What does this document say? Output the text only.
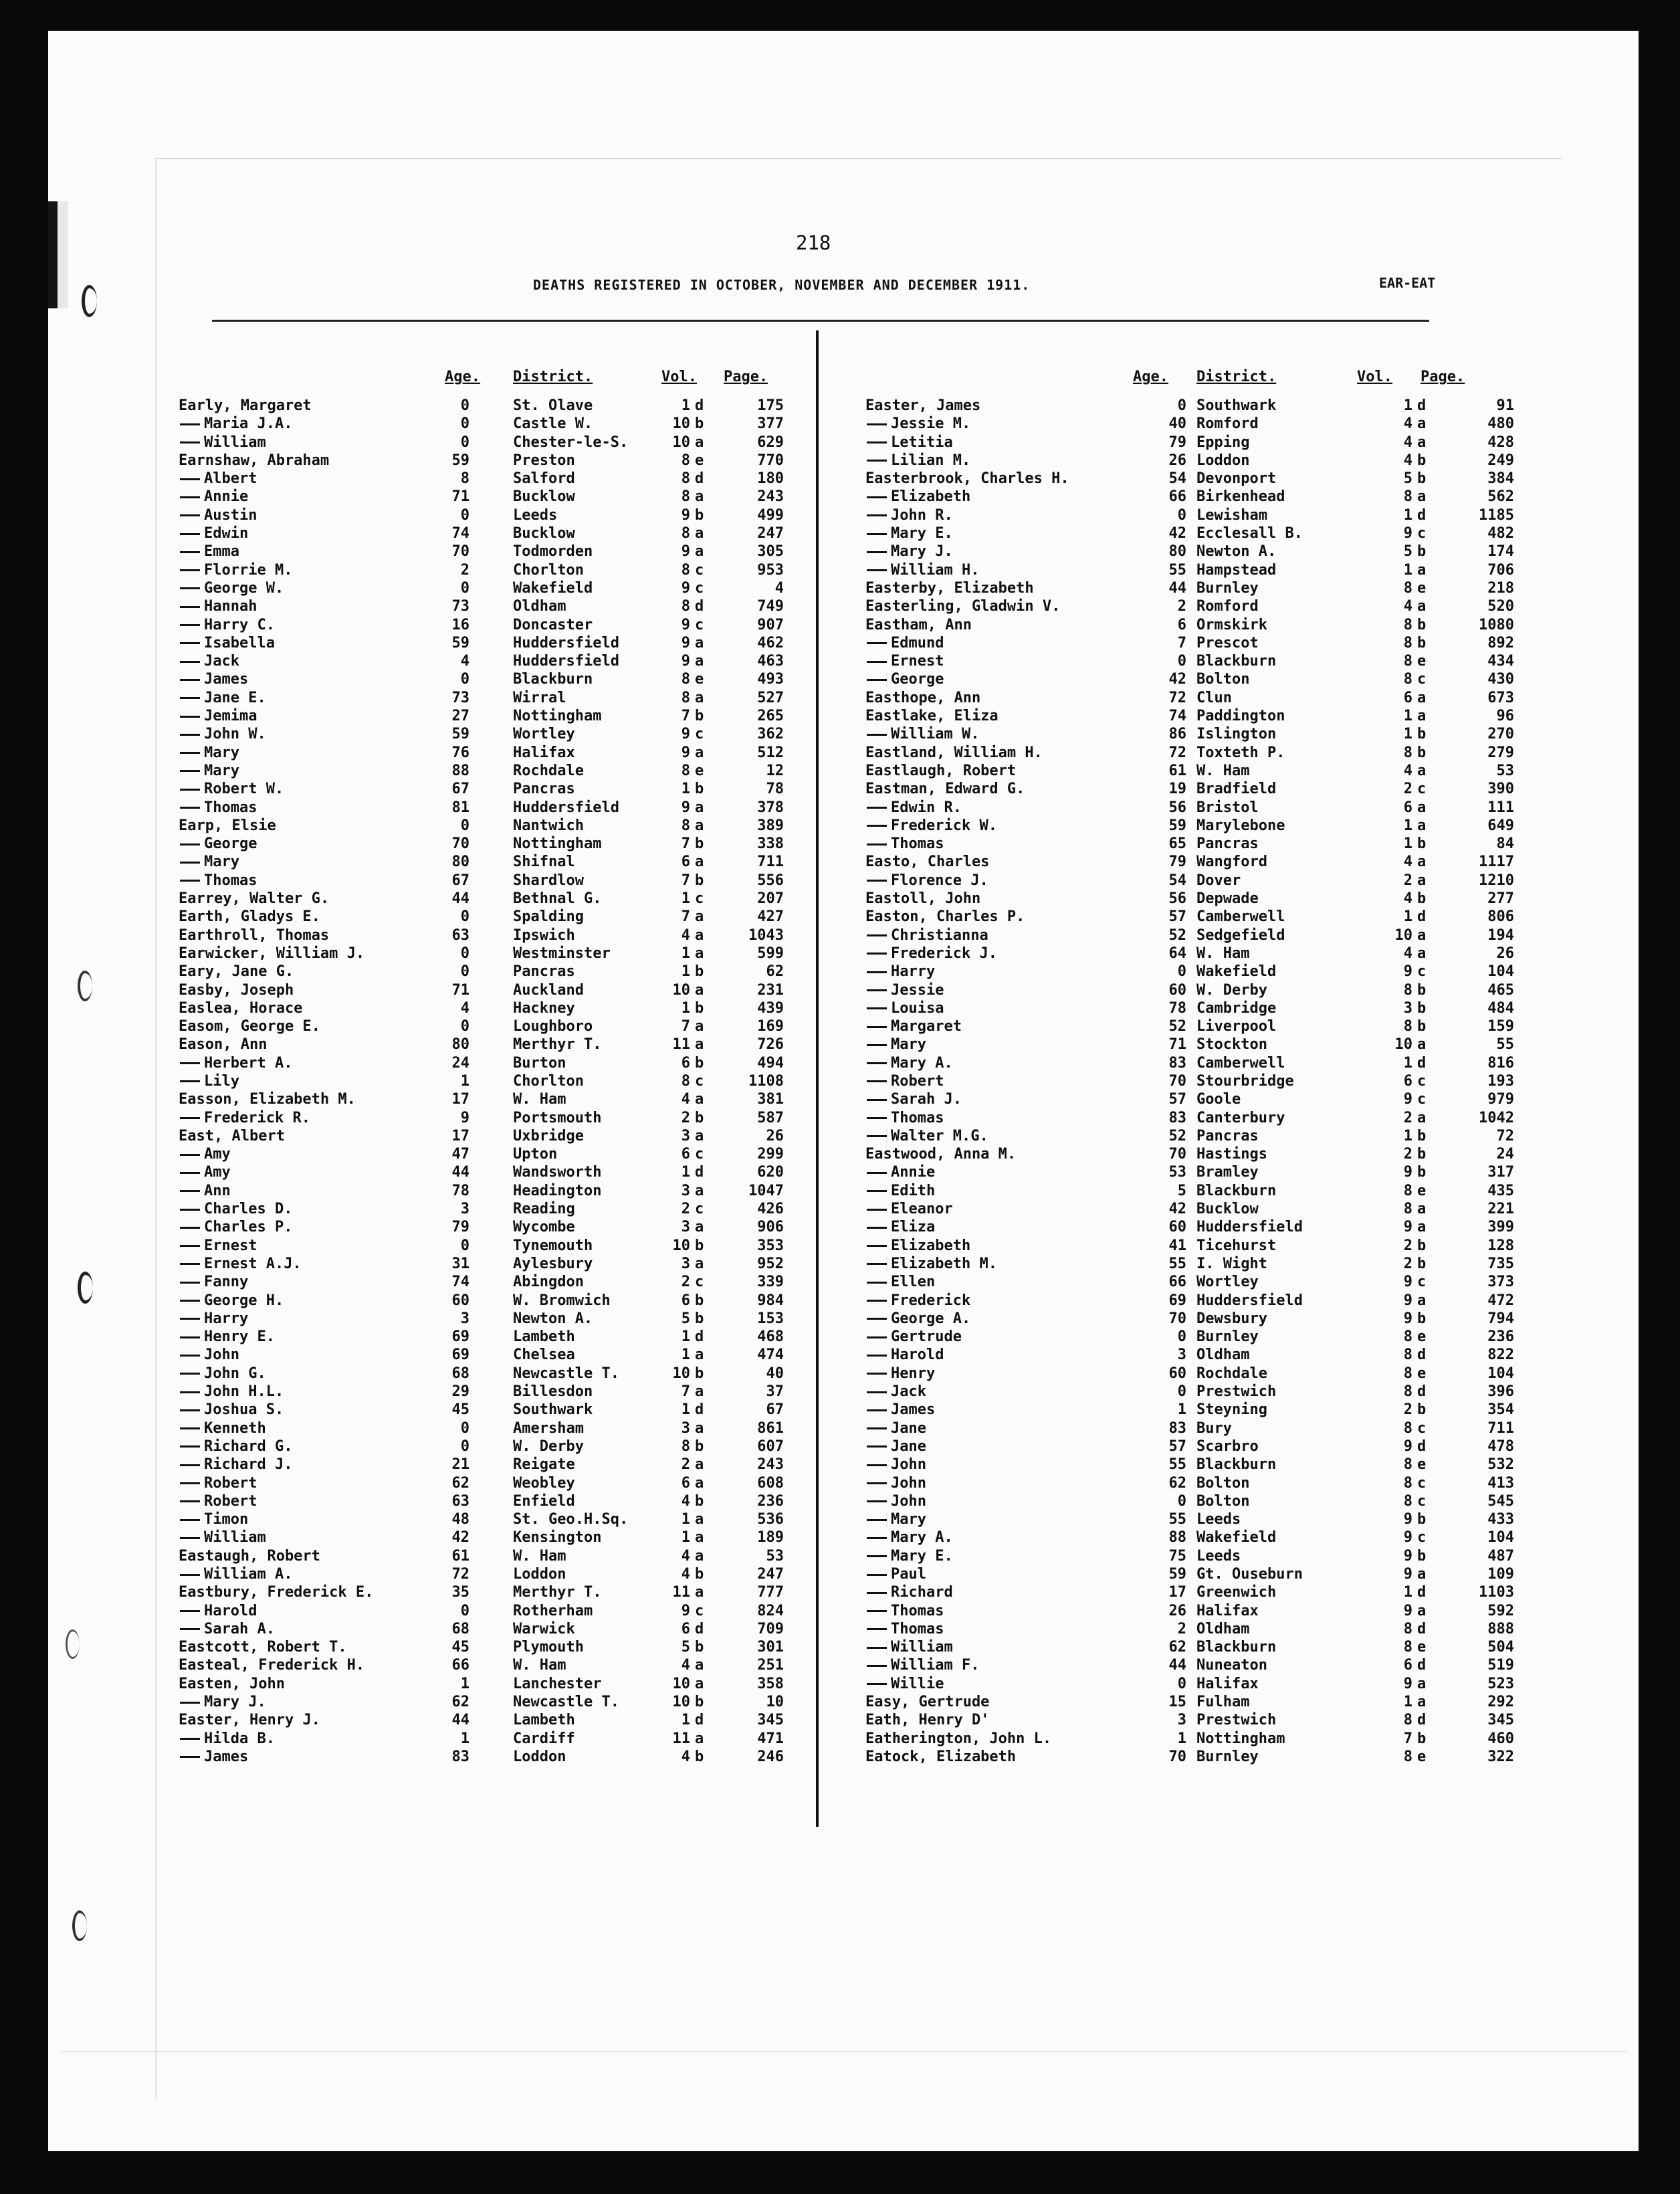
218
DEATHS REGISTERED IN OCTOBER, NOVEMBER AND DECEMBER 1911.	EAR-EAT
Age. District.	Vol. Page.
Early, Margaret	0	St. Olave	1 d	175
Maria J.A.	0	Castle W.	10 b	377
William	0	Chester-le-S.	10 a	629
Earnshaw, Abraham	59	Preston	8 e	770
Albert	8	Salford	8 d	180
Annie	71	Bucklow	8 a	243
Austin	0	Leeds	9 b	499
Edwin	74	Bucklow	8 a	247
Emma	70	Todmorden	9 a	305
Florrie M.	2	Chorlton	8 c	953
George W.	0	Wakefield	9 c	4
Hannah	73	Oldham	8 d	749
Harry C.	16	Doncaster	9 c	907
Isabella	59	Huddersfield	9 a	462
Jack	4	Huddersfield	9 a	463
James	0	Blackburn	8 e	493
Jane E.	73	Wirral	8 a	527
Jemima	27	Nottingham	7 b	265
John W.	59	Wortley	9 c	362
Mary	76	Halifax	9 a	512
Mary	88	Rochdale	8 e	12
Robert W.	67	Pancras	1 b	78
Thomas	81	Huddersfield	9 a	378
Earp, Elsie	0	Nantwich	8 a	389
George	70	Nottingham	7 b	338
Mary	80	Shifnal	6 a	711
Thomas	67	Shardlow	7 b	556
Earrey, Walter G.	44	Bethnal G.	1 c	207
Earth, Gladys E.	0	Spalding	7 a	427
Earthroll, Thomas	63	Ipswich	4 a	1043
Earwicker, William J.	0	Westminster	1 a	599
Eary, Jane G.	0	Pancras	1 b	62
Easby, Joseph	71	Auckland	10 a	231
Easlea, Horace	4	Hackney	1 b	439
Easom, George E.	0	Loughboro	7 a	169
Eason, Ann	80	Merthyr T.	11 a	726
Herbert A.	24	Burton	6 b	494
Lily	1	Chorlton	8 c	1108
Easson, Elizabeth M.	17	W. Ham	4 a	381
Frederick R.	9	Portsmouth	2 b	587
East, Albert	17	Uxbridge	3 a	26
Amy	47	Upton	6 c	299
Amy	44	Wandsworth	1 d	620
Ann	78	Headington	3 a	1047
Charles D.	3	Reading	2 c	426
Charles P.	79	Wycombe	3 a	906
Ernest	0	Tynemouth	10 b	353
Ernest A.J.	31	Aylesbury	3 a	952
Fanny	74	Abingdon	2 c	339
George H.	60	W. Bromwich	6 b	984
Harry	3	Newton A.	5 b	153
Henry E.	69	Lambeth	1 d	468
John	69	Chelsea	1 a	474
John G.	68	Newcastle T.	10 b	40
John H.L.	29	Billesdon	7 a	37
Joshua S.	45	Southwark	1 d	67
Kenneth	0	Amersham	3 a	861
Richard G.	0	W. Derby	8 b	607
Richard J.	21	Reigate	2 a	243
Robert	62	Weobley	6 a	608
Robert	63	Enfield	4 b	236
Timon	48	St. Geo.H.Sq.	1 a	536
William	42	Kensington	1 a	189
Eastaugh, Robert	61	W. Ham	4 a	53
William A.	72	Loddon	4 b	247
Eastbury, Frederick E.	35	Merthyr T.	11 a	777
Harold	0	Rotherham	9 c	824
Sarah A.	68	Warwick	6 d	709
Eastcott, Robert T.	45	Plymouth	5 b	301
Easteal, Frederick H.	66	W. Ham	4 a	251
Easten, John	1	Lanchester	10 a	358
Mary J.	62	Newcastle T.	10 b	10
Easter, Henry J.	44	Lambeth	1 d	345
Hilda B.	1	Cardiff	11 a	471
James	83	Loddon	4 b	246
Age. District.	Vol. Page.
Easter, James	0 Southwark	1 d	91
Jessie M.	40 Romford	4 a	480
Letitia	79 Epping	4 a	428
Lilian M.	26 Loddon	4 b	249
Easterbrook, Charles H.	54 Devonport	5 b	384
Elizabeth	66 Birkenhead	8 a	562
John R.	0 Lewisham	1 d	1185
Mary E.	42 Ecclesall B.	9 c	482
Mary J.	80 Newton A.	5 b	174
William H.	55 Hampstead	1 a	706
Easterby, Elizabeth	44 Burnley	8 e	218
Easterling, Gladwin V.	2 Romford	4 a	520
Eastham, Ann	6 Ormskirk	8 b	1080
Edmund	7 Prescot	8 b	892
Ernest	0 Blackburn	8 e	434
George	42 Bolton	8 c	430
Easthope, Ann	72 Clun	6 a	673
Eastlake, Eliza	74 Paddington	1 a	96
William W.	86 Islington	1 b	270
Eastland, William H.	72 Toxteth P.	8 b	279
Eastlaugh, Robert	61 W. Ham	4 a	53
Eastman, Edward G.	19 Bradfield	2 c	390
Edwin R.	56 Bristol	6 a	111
Frederick W.	59 Marylebone	1 a	649
Thomas	65 Pancras	1 b	84
Easto, Charles	79 Wangford	4 a	1117
Florence J.	54 Dover	2 a	1210
Eastoll, John	56 Depwade	4 b	277
Easton, Charles P.	57 Camberwell	1 d	806
Christianna	52 Sedgefield	10 a	194
Frederick J.	64 W. Ham	4 a	26
Harry	0 Wakefield	9 c	104
Jessie	60 W. Derby	8 b	465
Louisa	78 Cambridge	3 b	484
Margaret	52 Liverpool	8 b	159
Mary	71 Stockton	10 a	55
Mary A.	83 Camberwell	1 d	816
Robert	70 Stourbridge	6 c	193
Sarah J.	57 Goole	9 c	979
Thomas	83 Canterbury	2 a	1042
Walter M.G.	52 Pancras	1 b	72
Eastwood, Anna M.	70 Hastings	2 b	24
Annie	53 Bramley	9 b	317
Edith	5 Blackburn	8 e	435
Eleanor	42 Bucklow	8 a	221
Eliza	60 Huddersfield	9 a	399
Elizabeth	41 Ticehurst	2 b	128
Elizabeth M.	55 I. Wight	2 b	735
Ellen	66 Wortley	9 c	373
Frederick	69 Huddersfield	9 a	472
George A.	70 Dewsbury	9 b	794
Gertrude	0 Burnley	8 e	236
Harold	3 Oldham	8 d	822
Henry	60 Rochdale	8 e	104
Jack	0 Prestwich	8 d	396
James	1 Steyning	2 b	354
Jane	83 Bury	8 c	711
Jane	57 Scarbro	9 d	478
John	55 Blackburn	8 e	532
John	62 Bolton	8 c	413
John	0 Bolton	8 c	545
Mary	55 Leeds	9 b	433
Mary A.	88 Wakefield	9 c	104
Mary E.	75 Leeds	9 b	487
Paul	59 Gt. Ouseburn	9 a	109
Richard	17 Greenwich	1 d	1103
Thomas	26 Halifax	9 a	592
Thomas	2 Oldham	8 d	888
William	62 Blackburn	8 e	504
William F.	44 Nuneaton	6 d	519
Willie	0 Halifax	9 a	523
Easy, Gertrude	15 Fulham	1 a	292
Eath, Henry D'	3 Prestwich	8 d	345
Eatherington, John L.	1 Nottingham	7 b	460
Eatock, Elizabeth	70 Burnley	8 e	322
